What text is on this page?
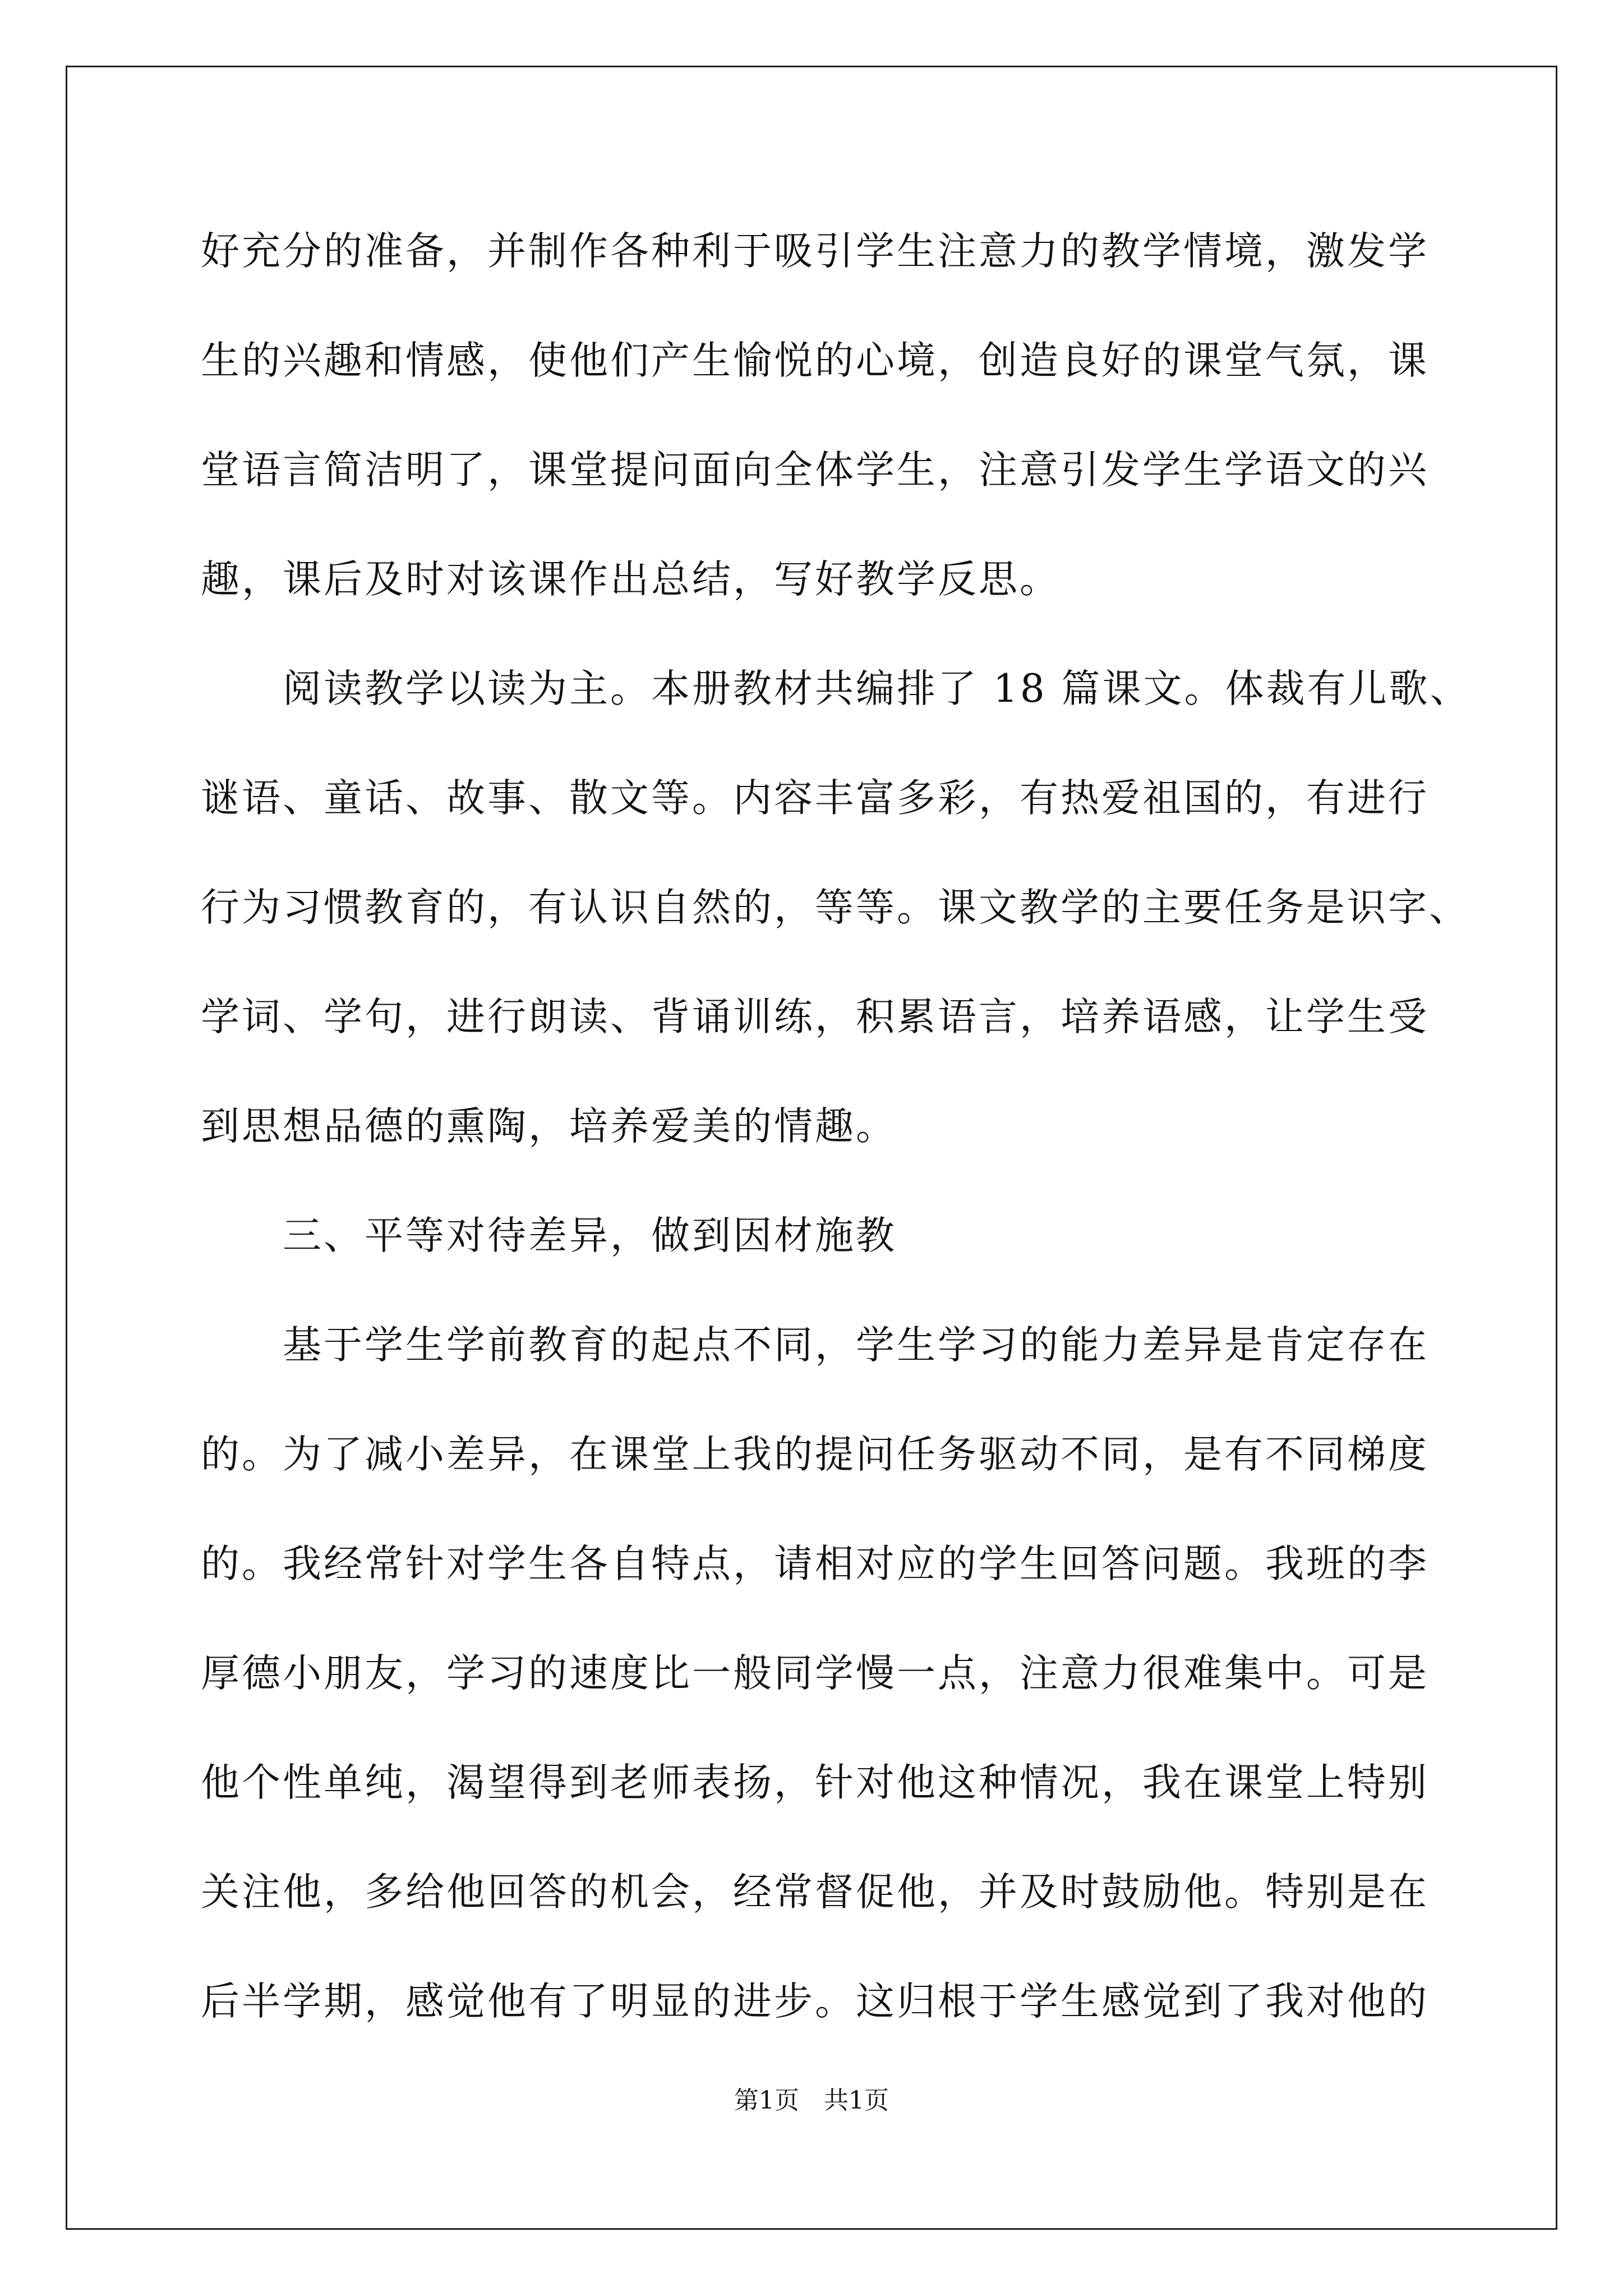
好充分的准备，并制作各种利于吸引学生注意力的教学情境，激发学
生的兴趣和情感，使他们产生愉悦的心境，创造良好的课堂气氛，课
堂语言简洁明了，课堂提问面向全体学生，注意引发学生学语文的兴
趣，课后及时对该课作出总结，写好教学反思。
　　阅读教学以读为主。本册教材共编排了 18 篇课文。体裁有儿歌、
谜语、童话、故事、散文等。内容丰富多彩，有热爱祖国的，有进行
行为习惯教育的，有认识自然的，等等。课文教学的主要任务是识字、
学词、学句，进行朗读、背诵训练，积累语言，培养语感，让学生受
到思想品德的熏陶，培养爱美的情趣。
　　三、平等对待差异，做到因材施教
　　基于学生学前教育的起点不同，学生学习的能力差异是肯定存在
的。为了减小差异，在课堂上我的提问任务驱动不同，是有不同梯度
的。我经常针对学生各自特点，请相对应的学生回答问题。我班的李
厚德小朋友，学习的速度比一般同学慢一点，注意力很难集中。可是
他个性单纯，渴望得到老师表扬，针对他这种情况，我在课堂上特别
关注他，多给他回答的机会，经常督促他，并及时鼓励他。特别是在
后半学期，感觉他有了明显的进步。这归根于学生感觉到了我对他的
第1页　共1页
